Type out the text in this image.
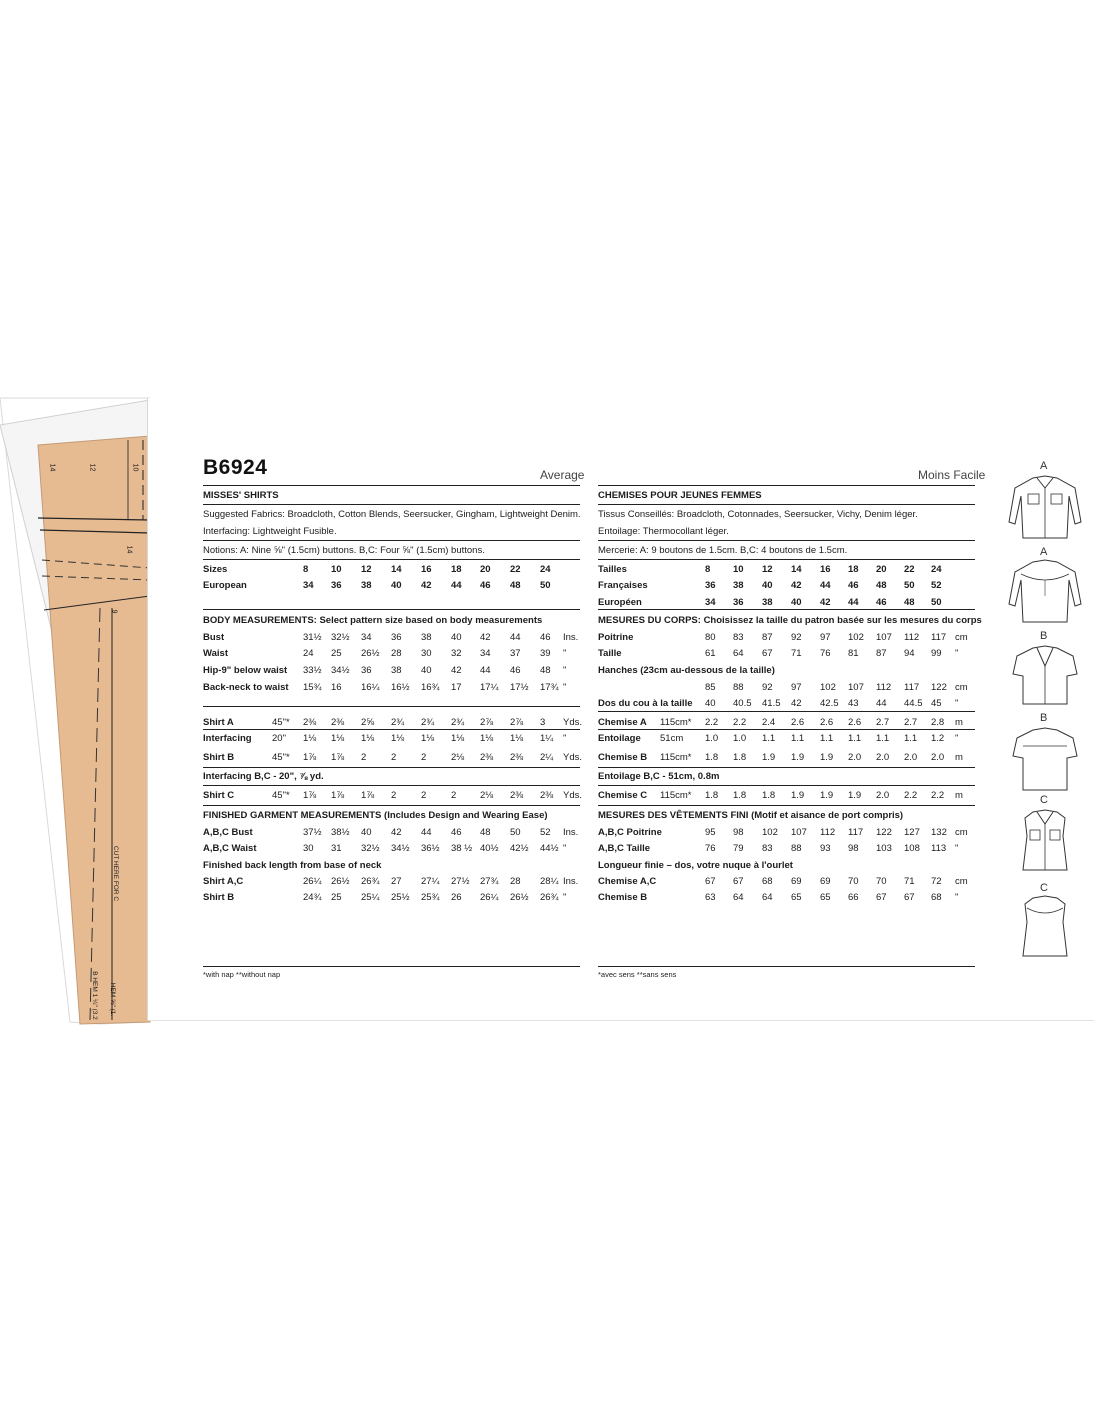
14	12	10
14
9
CUT HERE FOR C
B HEM 1 ¼" (3.2	HEM ⅝" (1.
B6924	Average
MISSES' SHIRTS
Suggested Fabrics: Broadcloth, Cotton Blends, Seersucker, Gingham, Lightweight Denim.
Interfacing: Lightweight Fusible.
Notions: A: Nine ⅝" (1.5cm) buttons. B,C: Four ⅝" (1.5cm) buttons.
*with nap **without nap
Moins Facile
CHEMISES POUR JEUNES FEMMES
Tissus Conseillés: Broadcloth, Cotonnades, Seersucker, Vichy, Denim léger.
Entoilage: Thermocollant léger.
Mercerie: A: 9 boutons de 1.5cm. B,C: 4 boutons de 1.5cm.
*avec sens **sans sens
A
A
B
B
C
C
Sizes	8 10 12 14 16 18 20 22 24
European	34 36 38 40 42 44 46 48 50
BODY MEASUREMENTS: Select pattern size based on body measurements
Bust	31½ 32½ 34 36 38 40 42 44 46 Ins.
Waist	24 25 26½ 28 30 32 34 37 39 "
Hip-9" below waist 33½ 34½ 36 38 40 42 44 46 48 "
Back-neck to waist 15¾ 16 16¼ 16½ 16¾ 17 17¼ 17½ 17¾ "
Shirt A	45"* 2⅜ 2⅜ 2⅝ 2¾ 2¾ 2¾ 2⅞ 2⅞ 3 Yds.
Interfacing 20" 1⅛ 1⅛ 1⅛ 1⅛ 1⅛ 1⅛ 1⅛ 1⅛ 1¼ "
Shirt B	45"* 1⅞ 1⅞ 2	2	2	2⅛ 2⅜ 2⅜ 2¼ Yds.
Interfacing B,C - 20", ⅞ yd.
Shirt C	45"* 1⅞ 1⅞ 1⅞ 2	2	2 2⅛ 2⅜ 2⅜ Yds.
FINISHED GARMENT MEASUREMENTS (Includes Design and Wearing Ease)
A,B,C Bust	37½ 38½ 40 42 44 46 48 50 52 Ins.
A,B,C Waist	30 31 32½ 34½ 36½ 38 ½ 40½ 42½ 44½ "
Finished back length from base of neck
Shirt A,C	26¼ 26½ 26¾ 27 27¼ 27½ 27¾ 28 28¼ Ins.
Shirt B	24¾ 25 25¼ 25½ 25¾ 26 26¼ 26½ 26¾ "
Tailles	8 10 12 14 16 18 20 22 24
Françaises	36 38 40 42 44 46 48 50 52
Européen	34 36 38 40 42 44 46 48 50
MESURES DU CORPS: Choisissez la taille du patron basée sur les mesures du corps
Poitrine	80 83 87 92 97 102 107 112 117 cm
Taille	61 64 67 71 76 81 87 94 99 "
Hanches (23cm au-dessous de la taille)
85 88 92 97 102 107 112 117 122 cm
Dos du cou à la taille 40 40.5 41.5 42 42.5 43 44 44.5 45 "
Chemise A 115cm* 2.2 2.2 2.4 2.6 2.6 2.6 2.7 2.7 2.8 m
Entoilage 51cm 1.0 1.0 1.1 1.1 1.1 1.1 1.1 1.1 1.2 "
Chemise B 115cm* 1.8 1.8 1.9 1.9 1.9 2.0 2.0 2.0 2.0 m
Entoilage B,C - 51cm, 0.8m
Chemise C 115cm* 1.8 1.8 1.8 1.9 1.9 1.9 2.0 2.2 2.2 m
MESURES DES VÊTEMENTS FINI (Motif et aisance de port compris)
A,B,C Poitrine	95 98 102 107 112 117 122 127 132 cm
A,B,C Taille	76 79 83 88 93 98 103 108 113 "
Longueur finie – dos, votre nuque à l'ourlet
Chemise A,C	67 67 68 69 69 70 70 71 72 cm
Chemise B	63 64 64 65 65 66 67 67 68 "
